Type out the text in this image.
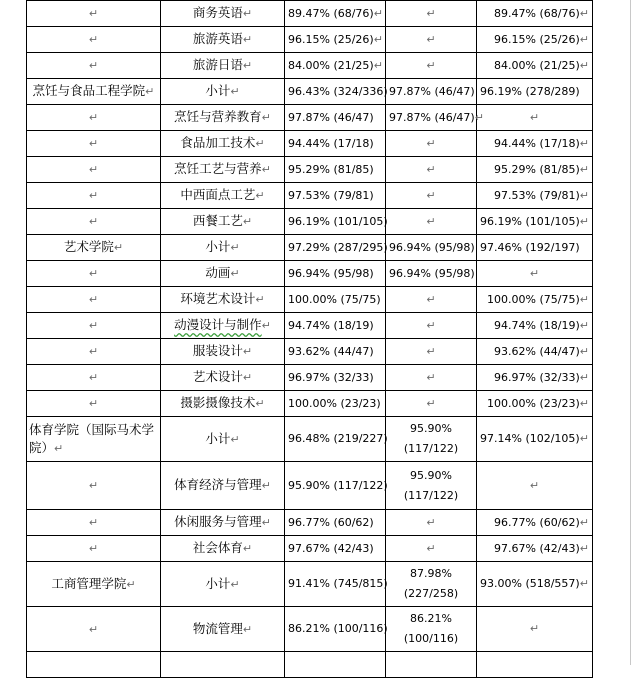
↵	商务英语↵	89.47% (68/76)↵	↵	89.47% (68/76)↵
↵	旅游英语↵	96.15% (25/26)↵	↵	96.15% (25/26)↵
↵	旅游日语↵	84.00% (21/25)↵	↵	84.00% (21/25)↵
烹饪与食品工程学院↵	小计↵	96.43% (324/336)	97.87% (46/47)	96.19% (278/289)
↵	烹饪与营养教育↵	97.87% (46/47)	97.87% (46/47)↵	↵
↵	食品加工技术↵	94.44% (17/18)	↵	94.44% (17/18)↵
↵	烹饪工艺与营养↵	95.29% (81/85)	↵	95.29% (81/85)↵
↵	中西面点工艺↵	97.53% (79/81)	↵	97.53% (79/81)↵
↵	西餐工艺↵	96.19% (101/105)	↵	96.19% (101/105)↵
艺术学院↵	小计↵	97.29% (287/295)	96.94% (95/98)	97.46% (192/197)
↵	动画↵	96.94% (95/98)	96.94% (95/98)	↵
↵	环境艺术设计↵	100.00% (75/75)	↵	100.00% (75/75)↵
↵	动漫设计与制作↵	94.74% (18/19)	↵	94.74% (18/19)↵
↵	服装设计↵	93.62% (44/47)	↵	93.62% (44/47)↵
↵	艺术设计↵	96.97% (32/33)	↵	96.97% (32/33)↵
↵	摄影摄像技术↵	100.00% (23/23)	↵	100.00% (23/23)↵
体育学院（国际马术学院）↵	小计↵	96.48% (219/227)	95.90% (117/122)	97.14% (102/105)↵
↵	体育经济与管理↵	95.90% (117/122)	95.90% (117/122)	↵
↵	休闲服务与管理↵	96.77% (60/62)	↵	96.77% (60/62)↵
↵	社会体育↵	97.67% (42/43)	↵	97.67% (42/43)↵
工商管理学院↵	小计↵	91.41% (745/815)	87.98% (227/258)	93.00% (518/557)↵
↵	物流管理↵	86.21% (100/116)	86.21% (100/116)	↵
